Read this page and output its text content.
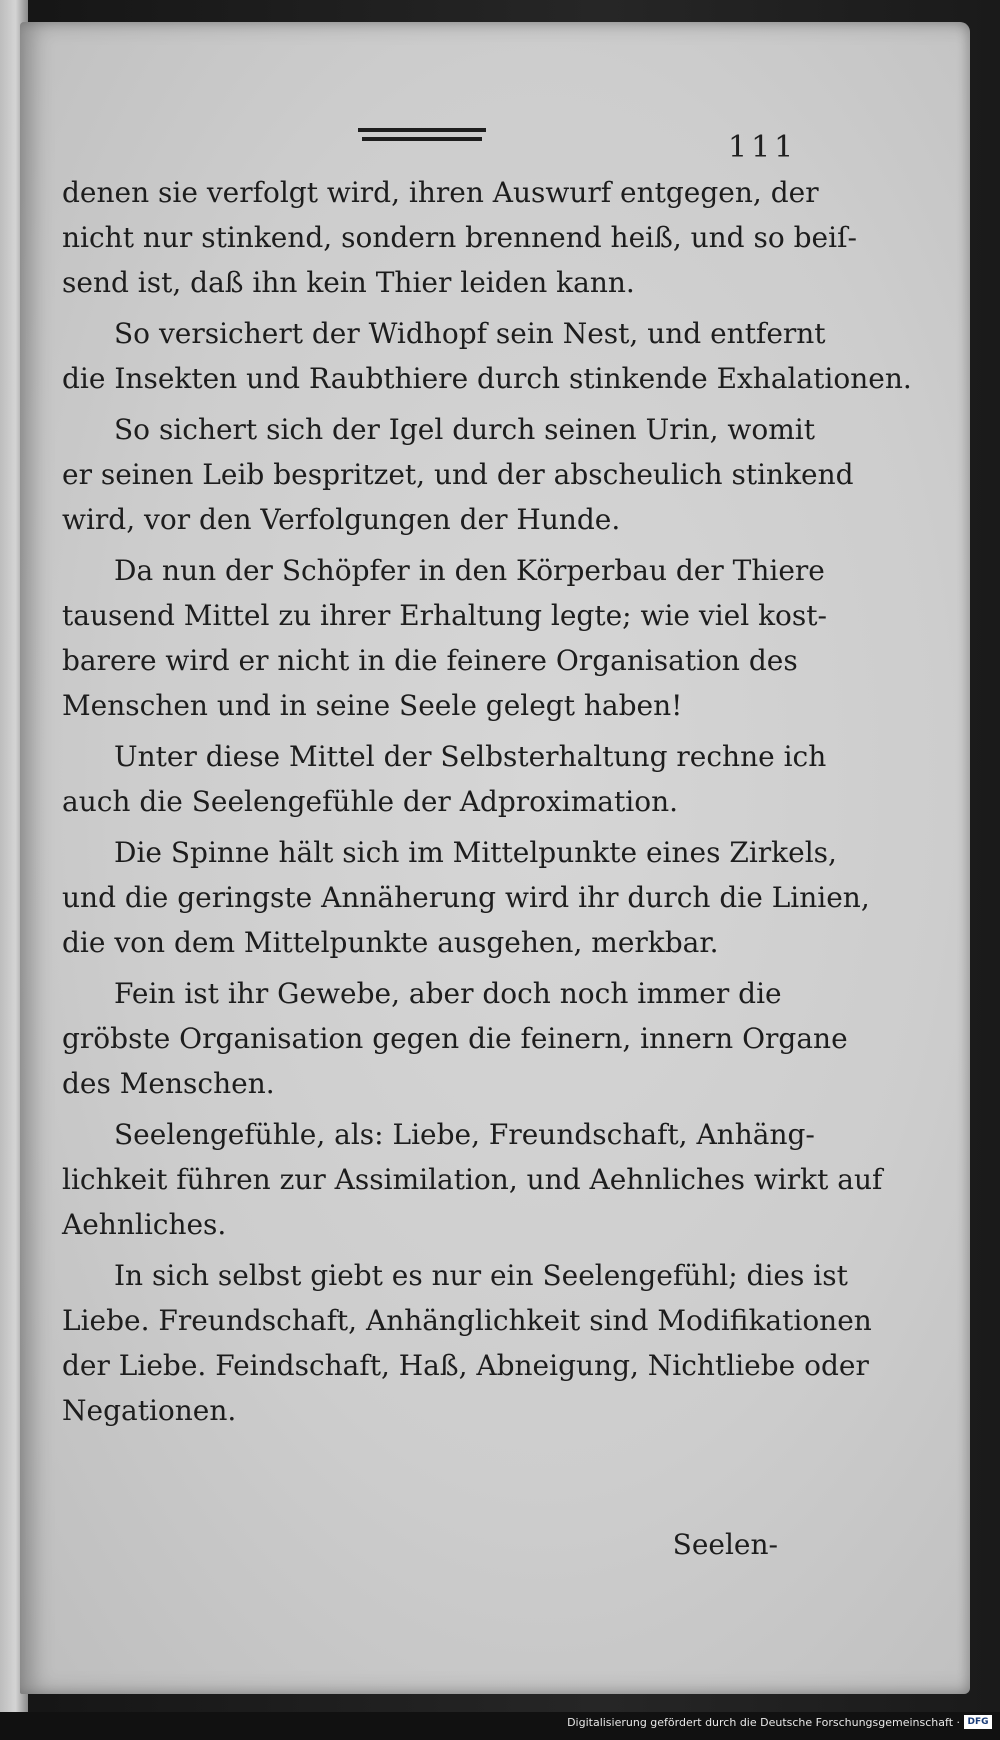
111

denen sie verfolgt wird, ihren Auswurf entgegen, der
nicht nur stinkend, sondern brennend heiß, und so beiſ-
send ist, daß ihn kein Thier leiden kann.

So versichert der Widhopf sein Nest, und entfernt
die Insekten und Raubthiere durch stinkende Exhalationen.

So sichert sich der Igel durch seinen Urin, womit
er seinen Leib bespritzet, und der abscheulich stinkend
wird, vor den Verfolgungen der Hunde.

Da nun der Schöpfer in den Körperbau der Thiere
tausend Mittel zu ihrer Erhaltung legte; wie viel kost-
barere wird er nicht in die feinere Organisation des
Menschen und in seine Seele gelegt haben!

Unter diese Mittel der Selbsterhaltung rechne ich
auch die Seelengefühle der Adproximation.

Die Spinne hält sich im Mittelpunkte eines Zirkels,
und die geringste Annäherung wird ihr durch die Linien,
die von dem Mittelpunkte ausgehen, merkbar.

Fein ist ihr Gewebe, aber doch noch immer die
gröbste Organisation gegen die feinern, innern Organe
des Menschen.

Seelengefühle, als: Liebe, Freundschaft, Anhäng-
lichkeit führen zur Assimilation, und Aehnliches wirkt auf
Aehnliches.

In sich selbst giebt es nur ein Seelengefühl; dies ist
Liebe. Freundschaft, Anhänglichkeit sind Modifikationen
der Liebe. Feindschaft, Haß, Abneigung, Nichtliebe oder
Negationen.

Seelen-
Digitalisierung gefördert durch die Deutsche Forschungsgemeinschaft · DFG
